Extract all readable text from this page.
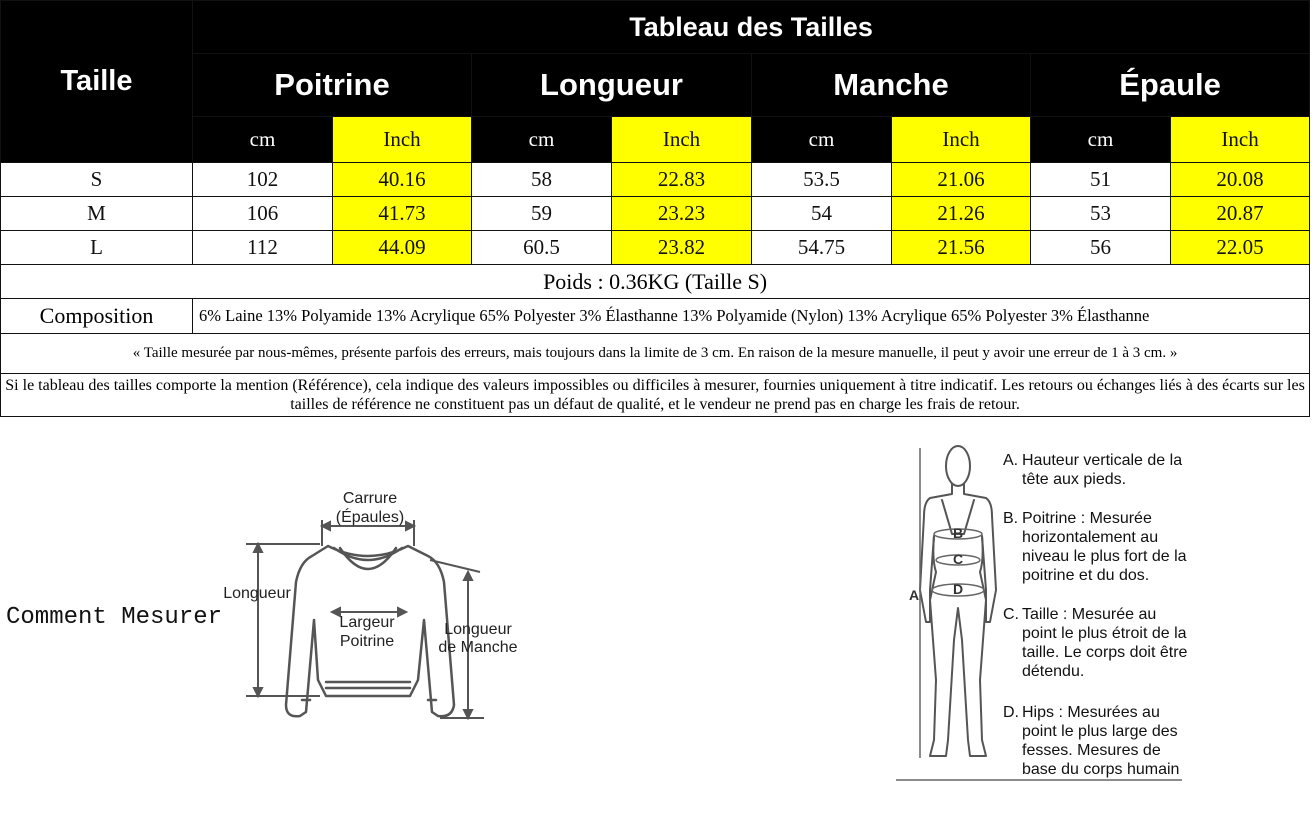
Taille	Tableau des Tailles							
	Poitrine		Longueur		Manche		Épaule	
	cm	Inch	cm	Inch	cm	Inch	cm	Inch
S	102	40.16	58	22.83	53.5	21.06	51	20.08
M	106	41.73	59	23.23	54	21.26	53	20.87
L	112	44.09	60.5	23.82	54.75	21.56	56	22.05
Poids : 0.36KG (Taille S)								
Composition	6% Laine 13% Polyamide 13% Acrylique 65% Polyester 3% Élasthanne 13% Polyamide (Nylon) 13% Acrylique 65% Polyester 3% Élasthanne							
« Taille mesurée par nous-mêmes, présente parfois des erreurs, mais toujours dans la limite de 3 cm. En raison de la mesure manuelle, il peut y avoir une erreur de 1 à 3 cm. »								
Si le tableau des tailles comporte la mention (Référence), cela indique des valeurs impossibles ou difficiles à mesurer, fournies uniquement à titre indicatif. Les retours ou échanges liés à des écarts sur les tailles de référence ne constituent pas un défaut de qualité, et le vendeur ne prend pas en charge les frais de retour.								
Comment Mesurer
Carrure
(Épaules)
Longueur
Largeur
Poitrine
Longueur
de Manche
B
C
D
A
A. Hauteur verticale de la tête aux pieds.
B. Poitrine : Mesurée horizontalement au niveau le plus fort de la poitrine et du dos.
C. Taille : Mesurée au point le plus étroit de la taille. Le corps doit être détendu.
D. Hips : Mesurées au point le plus large des fesses. Mesures de base du corps humain
